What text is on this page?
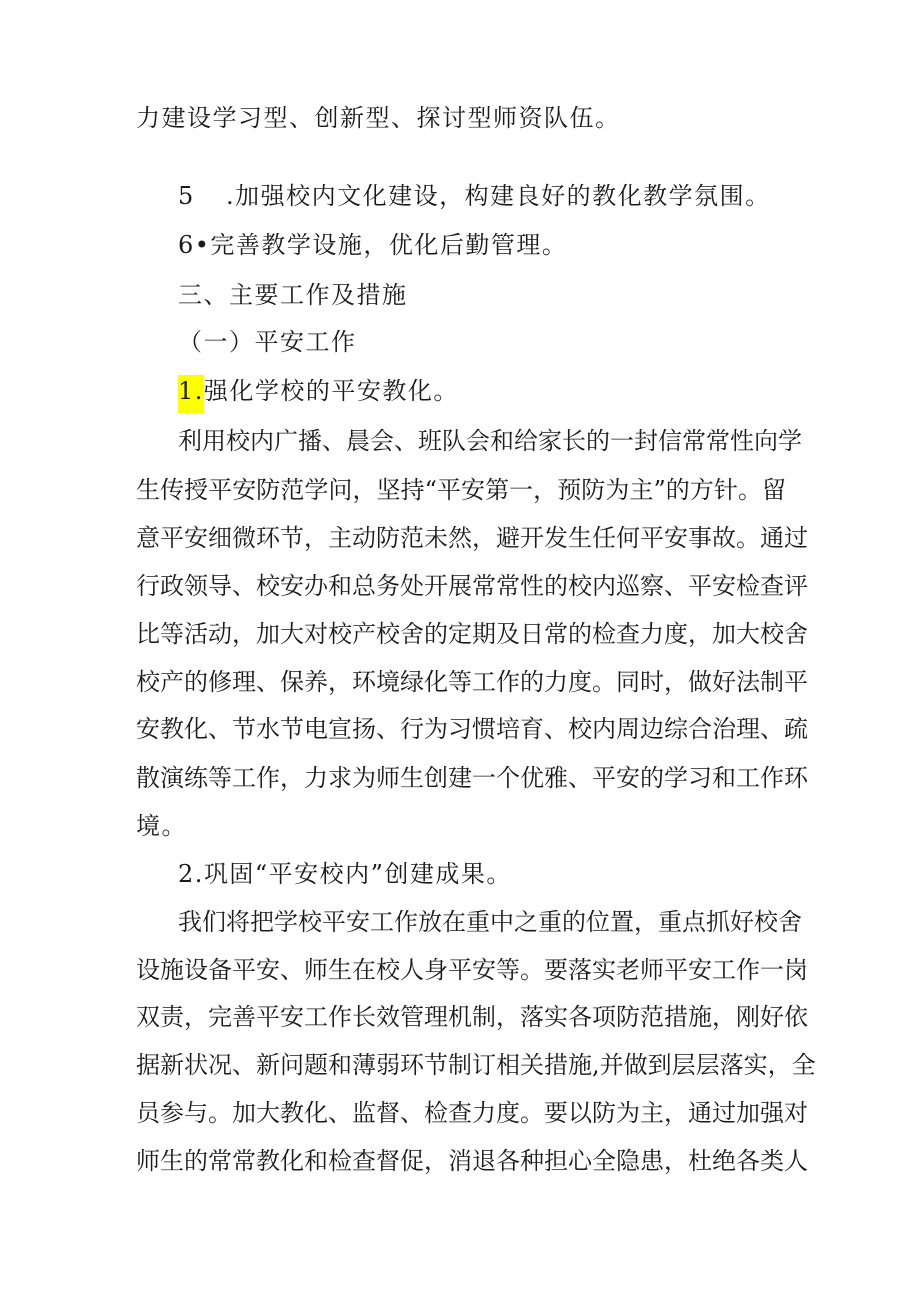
力建设学习型、创新型、探讨型师资队伍。
5 .加强校内文化建设，构建良好的教化教学氛围。
6•完善教学设施，优化后勤管理。
三、主要工作及措施
（一）平安工作
1.强化学校的平安教化。
利用校内广播、晨会、班队会和给家长的一封信常常性向学
生传授平安防范学问，坚持“平安第一，预防为主”的方针。留
意平安细微环节，主动防范未然，避开发生任何平安事故。通过
行政领导、校安办和总务处开展常常性的校内巡察、平安检查评
比等活动，加大对校产校舍的定期及日常的检查力度，加大校舍
校产的修理、保养，环境绿化等工作的力度。同时，做好法制平
安教化、节水节电宣扬、行为习惯培育、校内周边综合治理、疏
散演练等工作，力求为师生创建一个优雅、平安的学习和工作环
境。
2.巩固“平安校内”创建成果。
我们将把学校平安工作放在重中之重的位置，重点抓好校舍
设施设备平安、师生在校人身平安等。要落实老师平安工作一岗
双责，完善平安工作长效管理机制，落实各项防范措施，刚好依
据新状况、新问题和薄弱环节制订相关措施,并做到层层落实，全
员参与。加大教化、监督、检查力度。要以防为主，通过加强对
师生的常常教化和检查督促，消退各种担心全隐患，杜绝各类人
